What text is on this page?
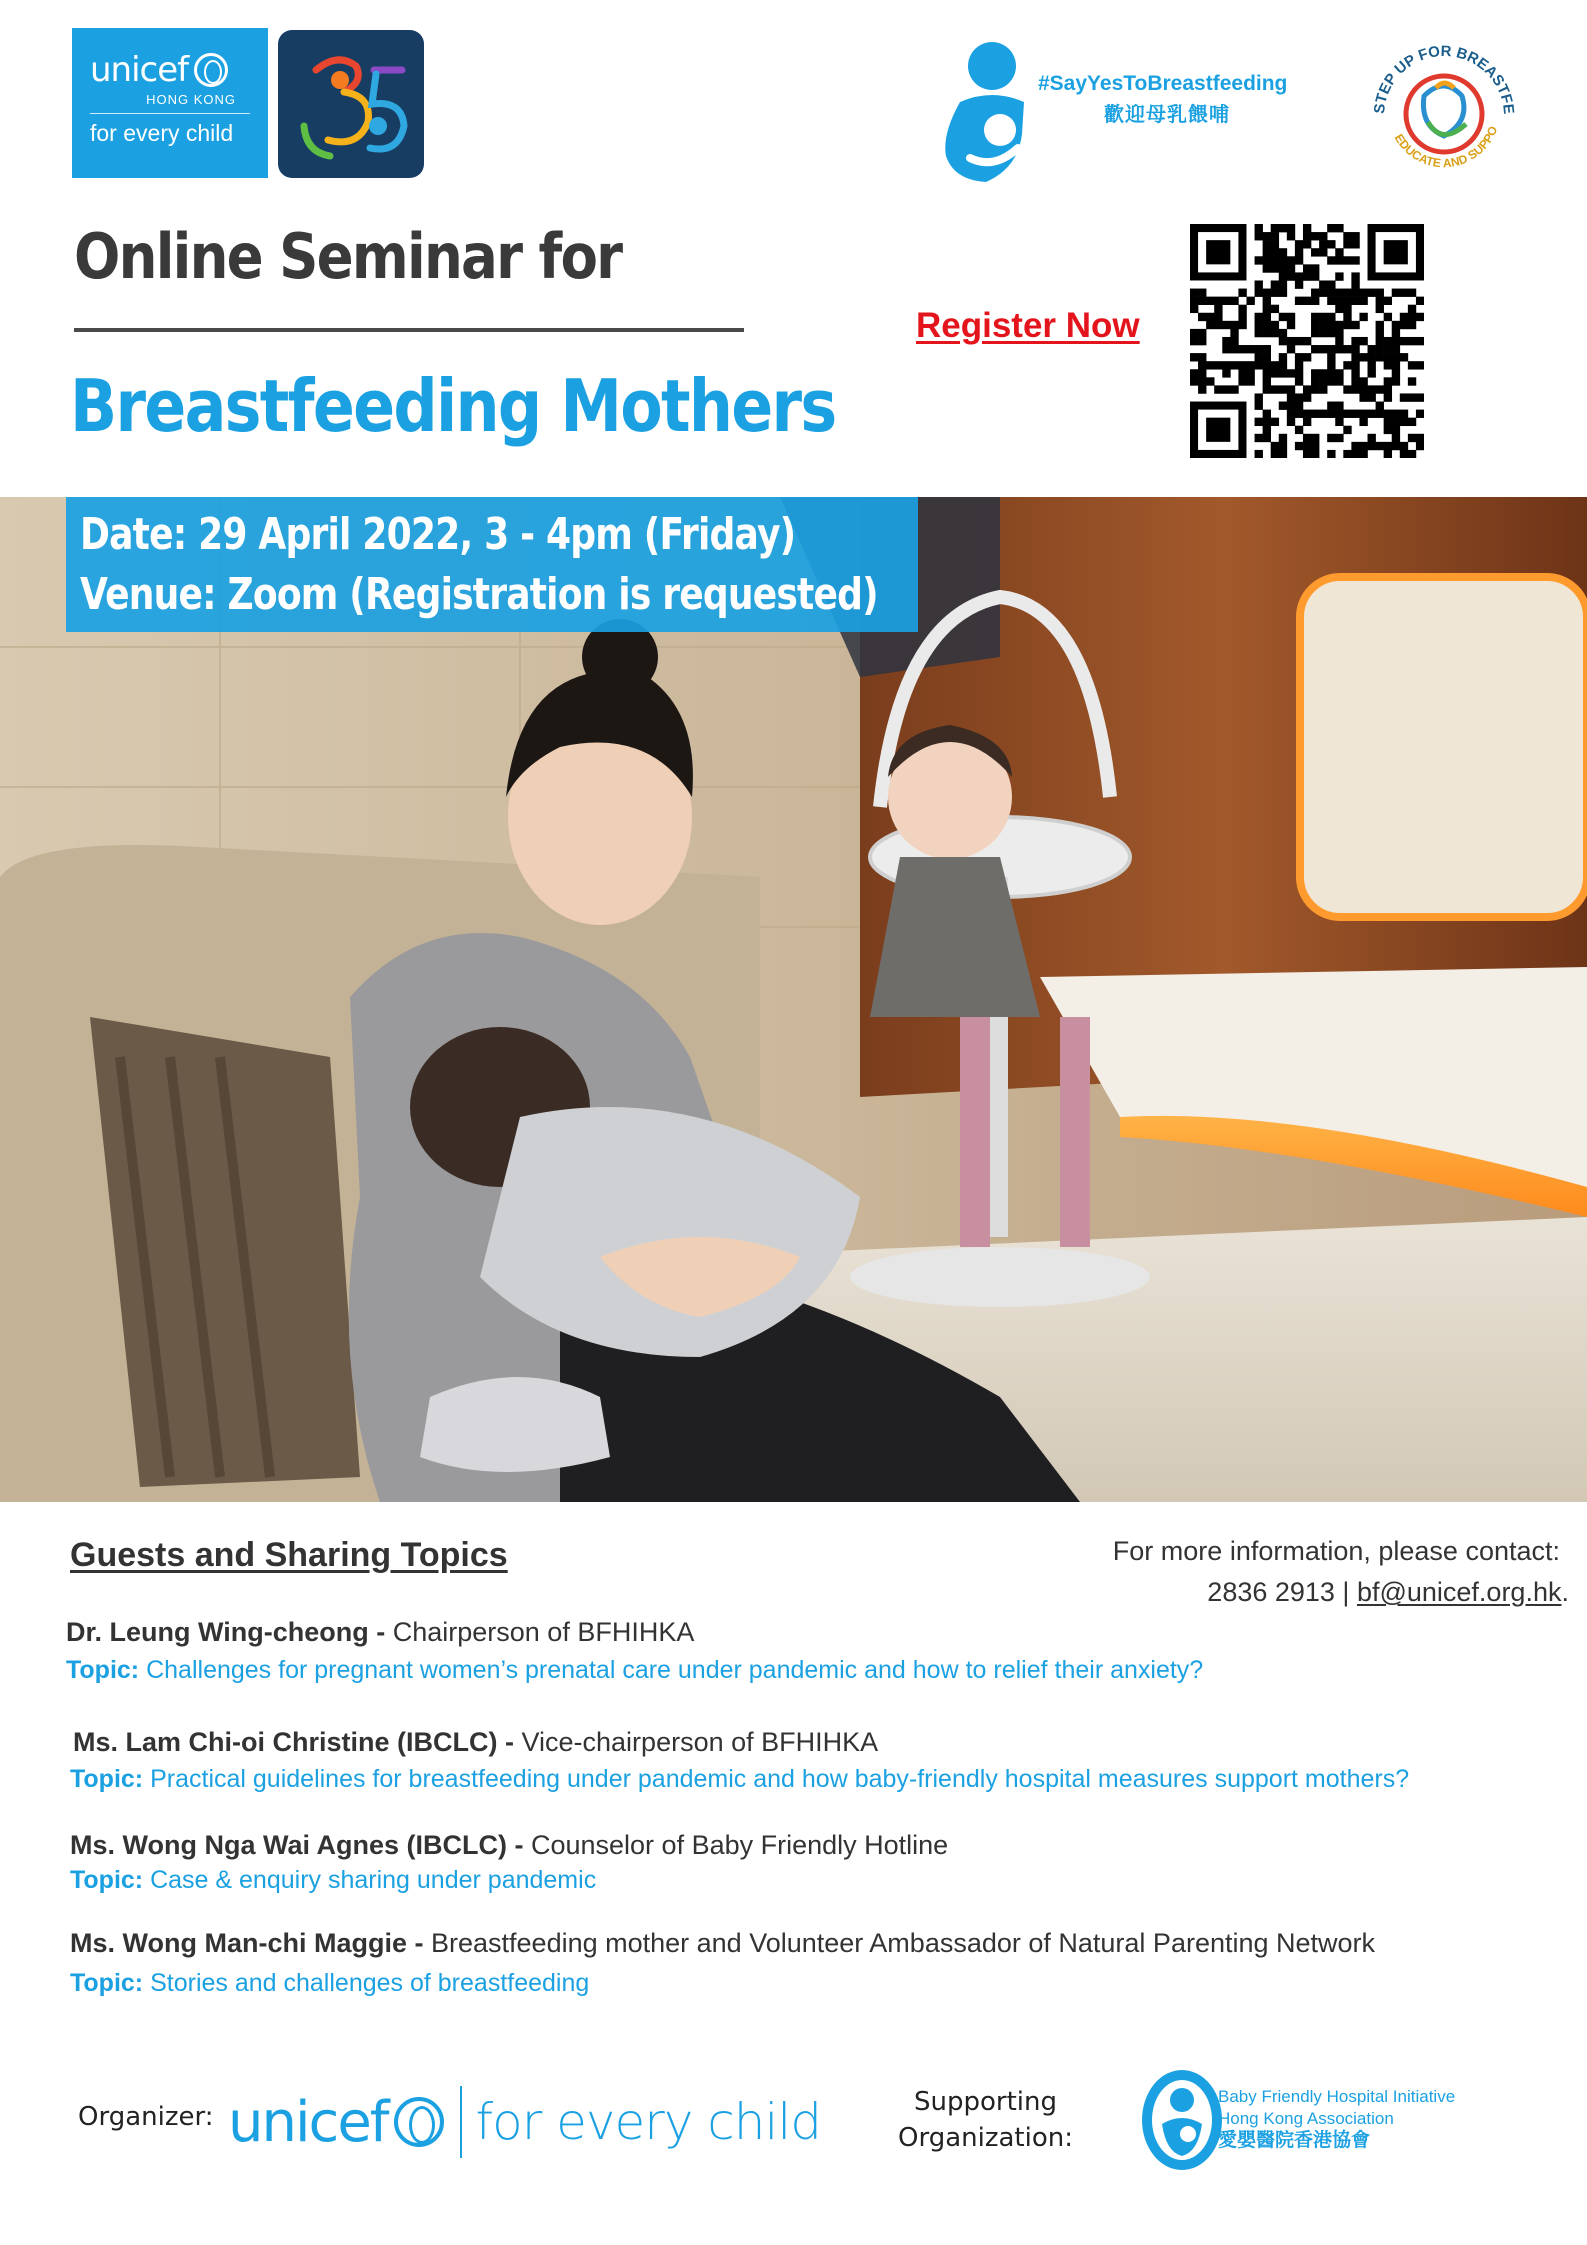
unicef
HONG KONG
for every child
#SayYesToBreastfeeding
歡迎母乳餵哺	STEP UP FOR BREASTFE
EDUCATE AND SUPPO
Online Seminar for
Breastfeeding Mothers
Register Now
Date: 29 April 2022, 3 - 4pm (Friday)
Venue: Zoom (Registration is requested)
Guests and Sharing Topics	For more information, please contact:
2836 2913 | bf@unicef.org.hk.
Dr. Leung Wing-cheong - Chairperson of BFHIHKA
Topic: Challenges for pregnant women’s prenatal care under pandemic and how to relief their anxiety?
Ms. Lam Chi-oi Christine (IBCLC) - Vice-chairperson of BFHIHKA
Topic: Practical guidelines for breastfeeding under pandemic and how baby-friendly hospital measures support mothers?
Ms. Wong Nga Wai Agnes (IBCLC) - Counselor of Baby Friendly Hotline
Topic: Case & enquiry sharing under pandemic
Ms. Wong Man-chi Maggie - Breastfeeding mother and Volunteer Ambassador of Natural Parenting Network
Topic: Stories and challenges of breastfeeding
Organizer: unicef for every child	Supporting
Organization:
Baby Friendly Hospital Initiative
Hong Kong Association
愛嬰醫院香港協會
